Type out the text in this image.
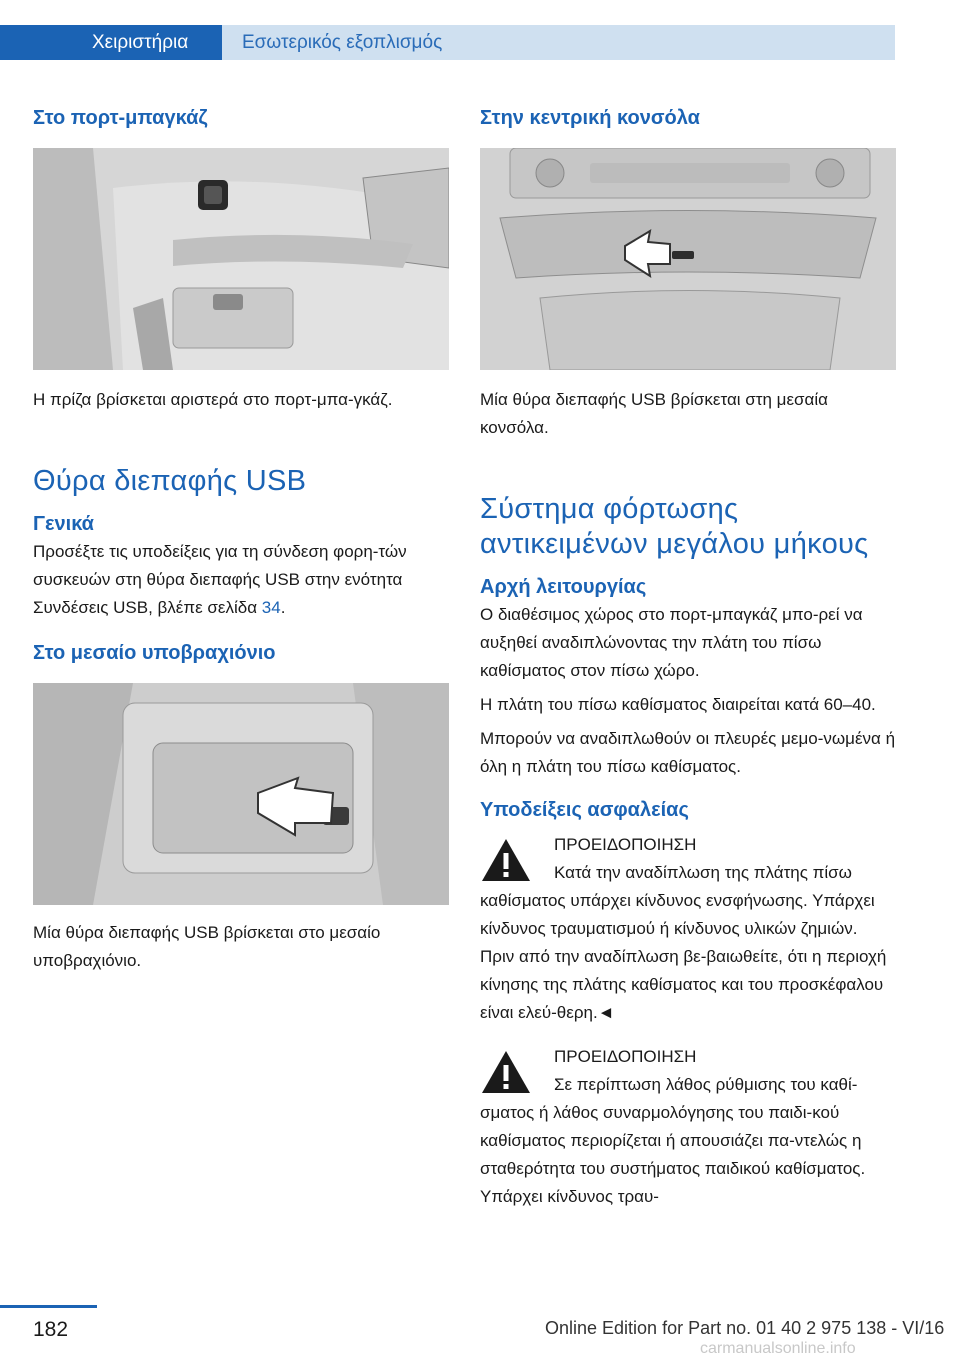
Χειριστήρια	Εσωτερικός εξοπλισμός
Στο πορτ-μπαγκάζ

Η πρίζα βρίσκεται αριστερά στο πορτ-μπα-γκάζ.

Θύρα διεπαφής USB
Γενικά

Προσέξτε τις υποδείξεις για τη σύνδεση φορη-τών συσκευών στη θύρα διεπαφής USB στην ενότητα Συνδέσεις USB, βλέπε σελίδα 34.

Στο μεσαίο υποβραχιόνιο

Μία θύρα διεπαφής USB βρίσκεται στο μεσαίο υποβραχιόνιο.

Στην κεντρική κονσόλα

Μία θύρα διεπαφής USB βρίσκεται στη μεσαία κονσόλα.

Σύστημα φόρτωσης αντικειμένων μεγάλου μήκους
Αρχή λειτουργίας

Ο διαθέσιμος χώρος στο πορτ-μπαγκάζ μπο-ρεί να αυξηθεί αναδιπλώνοντας την πλάτη του πίσω καθίσματος στον πίσω χώρο.

Η πλάτη του πίσω καθίσματος διαιρείται κατά 60–40.

Μπορούν να αναδιπλωθούν οι πλευρές μεμο-νωμένα ή όλη η πλάτη του πίσω καθίσματος.

Υποδείξεις ασφαλείας
ΠΡΟΕΙΔΟΠΟΙΗΣΗ
Κατά την αναδίπλωση της πλάτης πίσω
καθίσματος υπάρχει κίνδυνος ενσφήνωσης. Υπάρχει κίνδυνος τραυματισμού ή κίνδυνος υλικών ζημιών. Πριν από την αναδίπλωση βε-βαιωθείτε, ότι η περιοχή κίνησης της πλάτης καθίσματος και του προσκέφαλου είναι ελεύ-θερη.◄
ΠΡΟΕΙΔΟΠΟΙΗΣΗ
Σε περίπτωση λάθος ρύθμισης του καθί-
σματος ή λάθος συναρμολόγησης του παιδι-κού καθίσματος περιορίζεται ή απουσιάζει πα-ντελώς η σταθερότητα του συστήματος παιδικού καθίσματος. Υπάρχει κίνδυνος τραυ-
182	Online Edition for Part no. 01 40 2 975 138 - VI/16
carmanualsonline.info
